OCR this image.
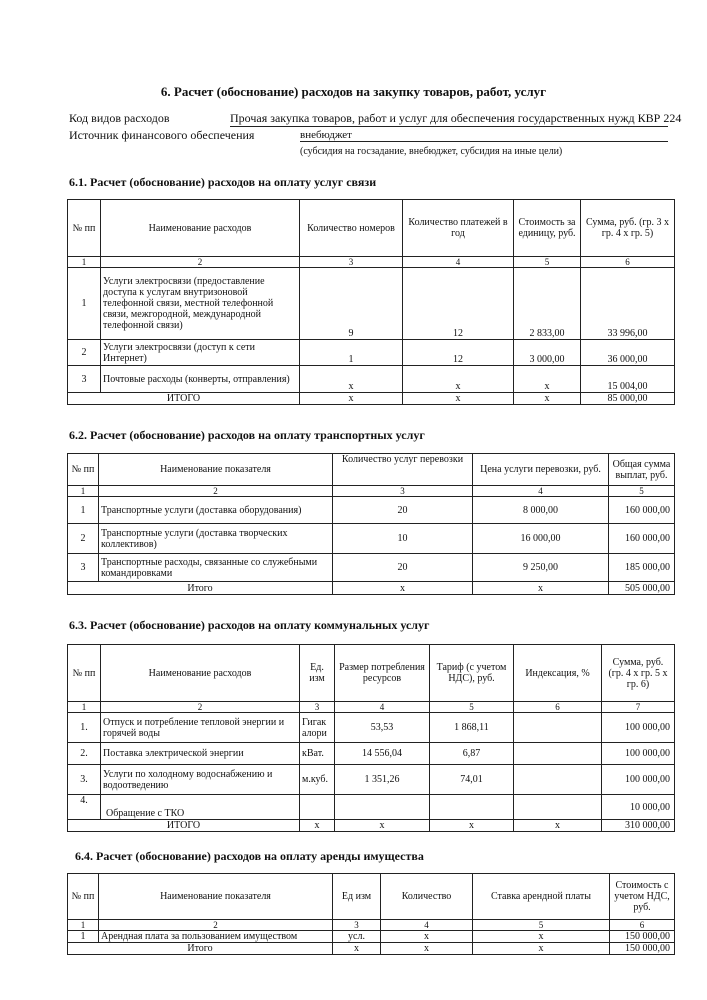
6. Расчет (обоснование) расходов на закупку товаров, работ, услуг
Код видов расходов	Прочая закупка товаров, работ и услуг для обеспечения государственных нужд КВР 224
Источник финансового обеспечения	внебюджет
(субсидия на госзадание, внебюджет, субсидия на иные цели)
6.1. Расчет (обоснование) расходов на оплату услуг связи
№ пп	Наименование расходов	Количество номеров	Количество платежей в год	Стоимость за единицу, руб.	Сумма, руб. (гр. 3 х гр. 4 х гр. 5)
1	2	3	4	5	6
1	Услуги электросвязи (предоставление доступа к услугам внутризоновой телефонной связи, местной телефонной связи, межгородной, международной телефонной связи)	9	12	2 833,00	33 996,00
2	Услуги электросвязи (доступ к сети Интернет)	1	12	3 000,00	36 000,00
3	Почтовые расходы (конверты, отправления)	х	х	х	15 004,00
ИТОГО		х	х	х	85 000,00
6.2. Расчет (обоснование) расходов на оплату транспортных услуг
№ пп	Наименование показателя	Количество услуг перевозки	Цена услуги перевозки, руб.	Общая сумма выплат, руб.
1	2	3	4	5
1	Транспортные услуги (доставка оборудования)	20	8 000,00	160 000,00
2	Транспортные услуги (доставка творческих коллективов)	10	16 000,00	160 000,00
3	Транспортные расходы, связанные со служебными командировками	20	9 250,00	185 000,00
Итого		х	х	505 000,00
6.3. Расчет (обоснование) расходов на оплату коммунальных услуг
№ пп	Наименование расходов	Ед. изм	Размер потребления ресурсов	Тариф (с учетом НДС), руб.	Индексация, %	Сумма, руб. (гр. 4 х гр. 5 х гр. 6)
1	2	3	4	5	6	7
1.	Отпуск и потребление тепловой энергии и горячей воды	Гигак алори	53,53	1 868,11		100 000,00
2.	Поставка электрической энергии	кВат.	14 556,04	6,87		100 000,00
3.	Услуги по холодному водоснабжению и водоотведению	м.куб.	1 351,26	74,01		100 000,00
4.	Обращение с ТКО					10 000,00
ИТОГО		х	х	х	х	310 000,00
6.4. Расчет (обоснование) расходов на оплату аренды имущества
№ пп	Наименование показателя	Ед изм	Количество	Ставка арендной платы	Стоимость с учетом НДС, руб.
1	2	3	4	5	6
1	Арендная плата за пользованием имуществом	усл.	х	х	150 000,00
Итого		х	х	х	150 000,00
